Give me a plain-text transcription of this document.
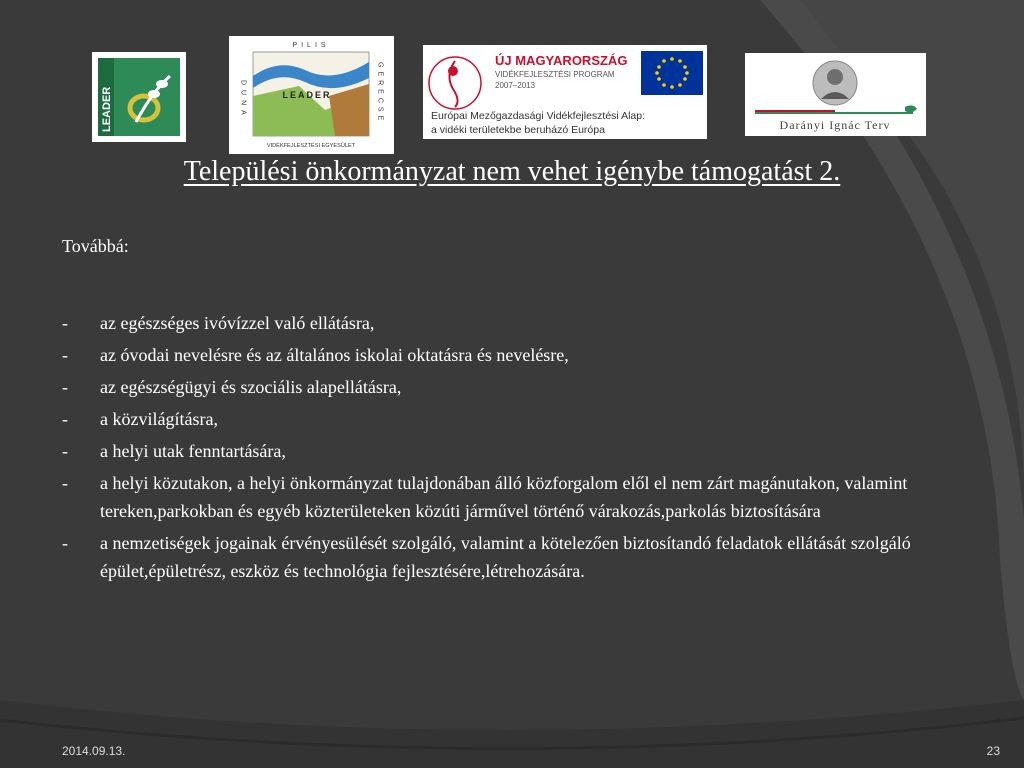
LEADER
PILIS
DUNA	GERECSE
LEADER
VIDÉKFEJLESZTÉSI EGYESÜLET
ÚJ MAGYARORSZÁG
VIDÉKFEJLESZTÉSI PROGRAM
2007–2013
Európai Mezőgazdasági Vidékfejlesztési Alap:
a vidéki területekbe beruházó Európa	Darányi Ignác Terv
Települési önkormányzat nem vehet igénybe támogatást 2.
Továbbá:
-	az egészséges ivóvízzel való ellátásra,
-	az óvodai nevelésre és az általános iskolai oktatásra és nevelésre,
-	az egészségügyi és szociális alapellátásra,
-	a közvilágításra,
-	a helyi utak fenntartására,
-	a helyi közutakon, a helyi önkormányzat tulajdonában álló közforgalom elől el nem zárt magánutakon, valamint tereken,parkokban és egyéb közterületeken közúti járművel történő várakozás,parkolás biztosítására
-	a nemzetiségek jogainak érvényesülését szolgáló, valamint a kötelezően biztosítandó feladatok ellátását szolgáló épület,épületrész, eszköz és technológia fejlesztésére,létrehozására.
2014.09.13.	23
